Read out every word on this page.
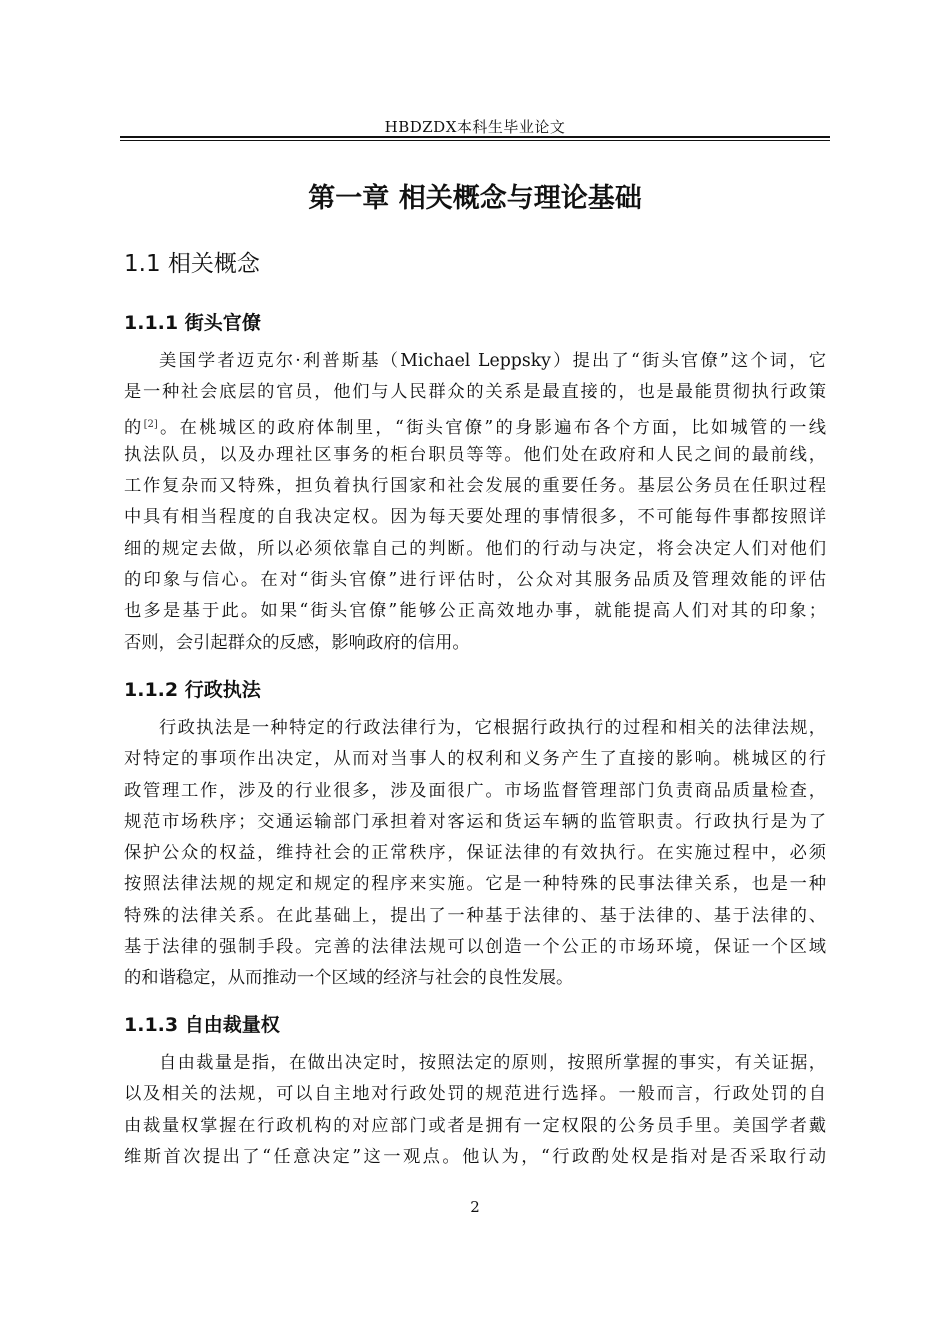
HBDZDX本科生毕业论文
第一章 相关概念与理论基础
1.1 相关概念
1.1.1 街头官僚
美国学者迈克尔·利普斯基（Michael Leppsky）提出了“街头官僚”这个词，它
是一种社会底层的官员，他们与人民群众的关系是最直接的，也是最能贯彻执行政策
的[2]。在桃城区的政府体制里，“街头官僚”的身影遍布各个方面，比如城管的一线
执法队员，以及办理社区事务的柜台职员等等。他们处在政府和人民之间的最前线，
工作复杂而又特殊，担负着执行国家和社会发展的重要任务。基层公务员在任职过程
中具有相当程度的自我决定权。因为每天要处理的事情很多，不可能每件事都按照详
细的规定去做，所以必须依靠自己的判断。他们的行动与决定，将会决定人们对他们
的印象与信心。在对“街头官僚”进行评估时，公众对其服务品质及管理效能的评估
也多是基于此。如果“街头官僚”能够公正高效地办事，就能提高人们对其的印象；
否则，会引起群众的反感，影响政府的信用。
1.1.2 行政执法
行政执法是一种特定的行政法律行为，它根据行政执行的过程和相关的法律法规，
对特定的事项作出决定，从而对当事人的权利和义务产生了直接的影响。桃城区的行
政管理工作，涉及的行业很多，涉及面很广。市场监督管理部门负责商品质量检查，
规范市场秩序；交通运输部门承担着对客运和货运车辆的监管职责。行政执行是为了
保护公众的权益，维持社会的正常秩序，保证法律的有效执行。在实施过程中，必须
按照法律法规的规定和规定的程序来实施。它是一种特殊的民事法律关系，也是一种
特殊的法律关系。在此基础上，提出了一种基于法律的、基于法律的、基于法律的、
基于法律的强制手段。完善的法律法规可以创造一个公正的市场环境，保证一个区域
的和谐稳定，从而推动一个区域的经济与社会的良性发展。
1.1.3 自由裁量权
自由裁量是指，在做出决定时，按照法定的原则，按照所掌握的事实，有关证据，
以及相关的法规，可以自主地对行政处罚的规范进行选择。一般而言，行政处罚的自
由裁量权掌握在行政机构的对应部门或者是拥有一定权限的公务员手里。美国学者戴
维斯首次提出了“任意决定”这一观点。他认为，“行政酌处权是指对是否采取行动
2
